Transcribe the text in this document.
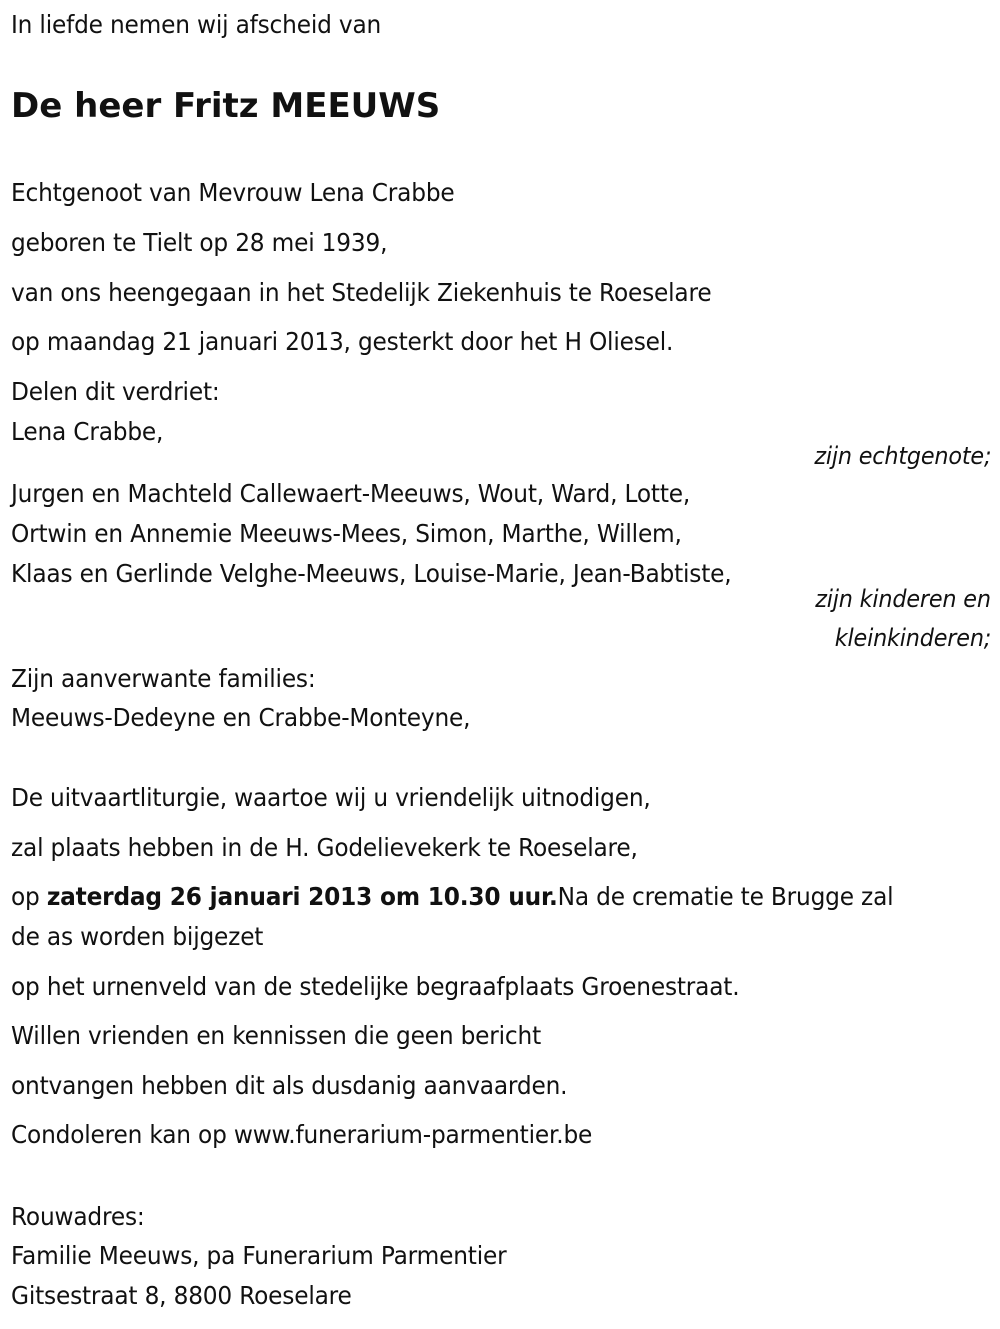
In liefde nemen wij afscheid van
De heer Fritz MEEUWS
Echtgenoot van Mevrouw Lena Crabbe
geboren te Tielt op 28 mei 1939,
van ons heengegaan in het Stedelijk Ziekenhuis te Roeselare
op maandag 21 januari 2013, gesterkt door het H Oliesel.
Delen dit verdriet:
Lena Crabbe,
zijn echtgenote;
Jurgen en Machteld Callewaert-Meeuws, Wout, Ward, Lotte,
Ortwin en Annemie Meeuws-Mees, Simon, Marthe, Willem,
Klaas en Gerlinde Velghe-Meeuws, Louise-Marie, Jean-Babtiste,
zijn kinderen en
kleinkinderen;
Zijn aanverwante families:
Meeuws-Dedeyne en Crabbe-Monteyne,
De uitvaartliturgie, waartoe wij u vriendelijk uitnodigen,
zal plaats hebben in de H. Godelievekerk te Roeselare,
op zaterdag 26 januari 2013 om 10.30 uur.Na de crematie te Brugge zal
de as worden bijgezet
op het urnenveld van de stedelijke begraafplaats Groenestraat.
Willen vrienden en kennissen die geen bericht
ontvangen hebben dit als dusdanig aanvaarden.
Condoleren kan op www.funerarium-parmentier.be
Rouwadres:
Familie Meeuws, pa Funerarium Parmentier
Gitsestraat 8, 8800 Roeselare
